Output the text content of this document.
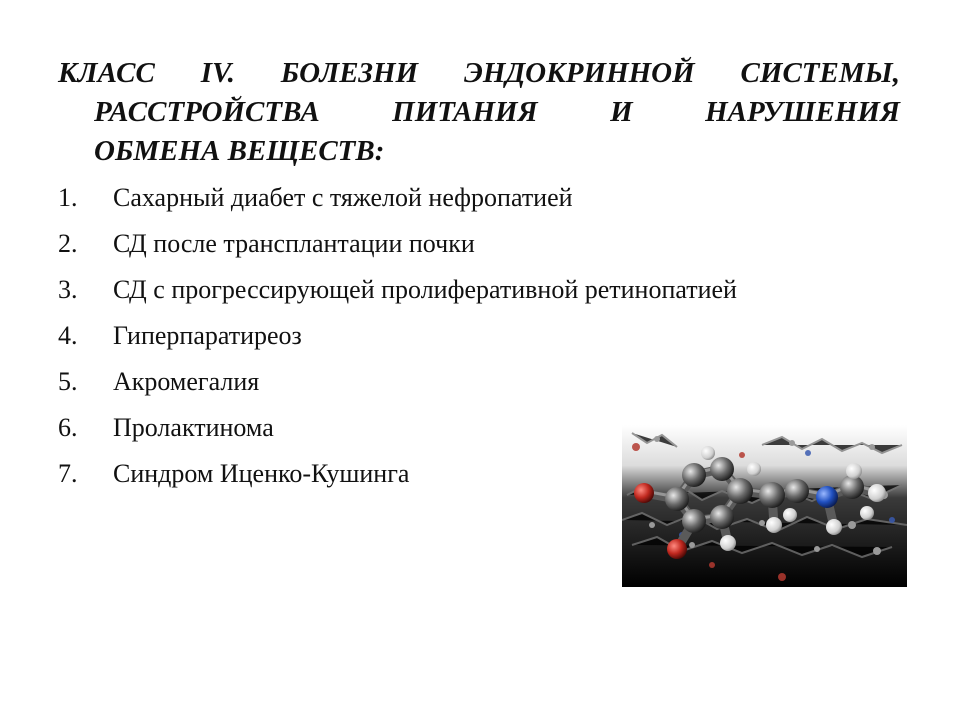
КЛАСС IV. БОЛЕЗНИ ЭНДОКРИННОЙ СИСТЕМЫ,
РАССТРОЙСТВА ПИТАНИЯ И НАРУШЕНИЯ
ОБМЕНА ВЕЩЕСТВ:
1.	Сахарный диабет с тяжелой нефропатией
2.	СД после трансплантации почки
3.	СД с прогрессирующей пролиферативной ретинопатией
4.	Гиперпаратиреоз
5.	Акромегалия
6.	Пролактинома
7.	Синдром Иценко-Кушинга
